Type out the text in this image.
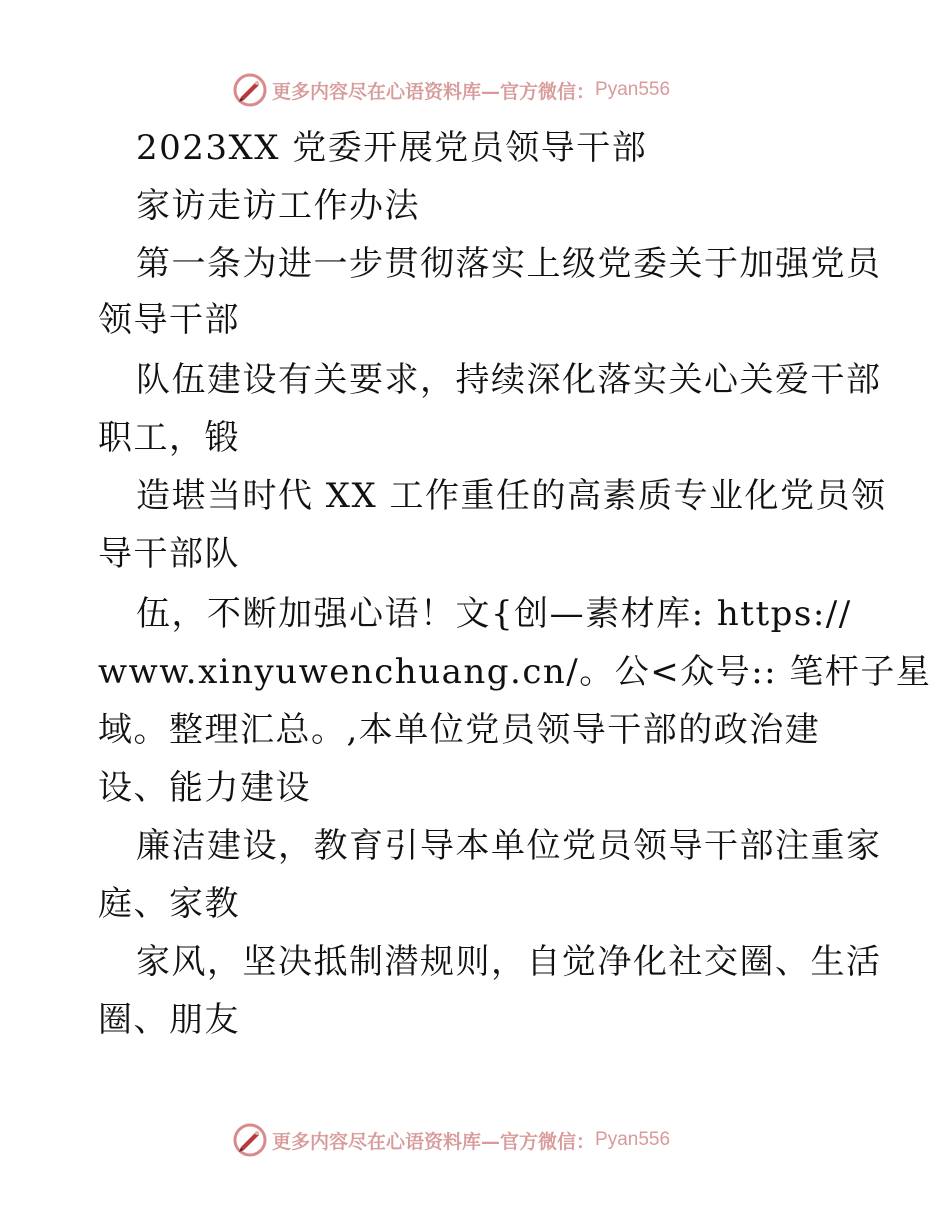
更多内容尽在心语资料库—官方微信： Pyan556
2023XX 党委开展党员领导干部
家访走访工作办法
第一条为进一步贯彻落实上级党委关于加强党员
领导干部
队伍建设有关要求，持续深化落实关心关爱干部
职工，锻
造堪当时代 XX 工作重任的高素质专业化党员领
导干部队
伍，不断加强心语！文{创—素材库: https://
www.xinyuwenchuang.cn/。公<众号:: 笔杆子星
域。整理汇总。,本单位党员领导干部的政治建
设、能力建设
廉洁建设，教育引导本单位党员领导干部注重家
庭、家教
家风，坚决抵制潜规则，自觉净化社交圈、生活
圈、朋友
更多内容尽在心语资料库—官方微信： Pyan556
